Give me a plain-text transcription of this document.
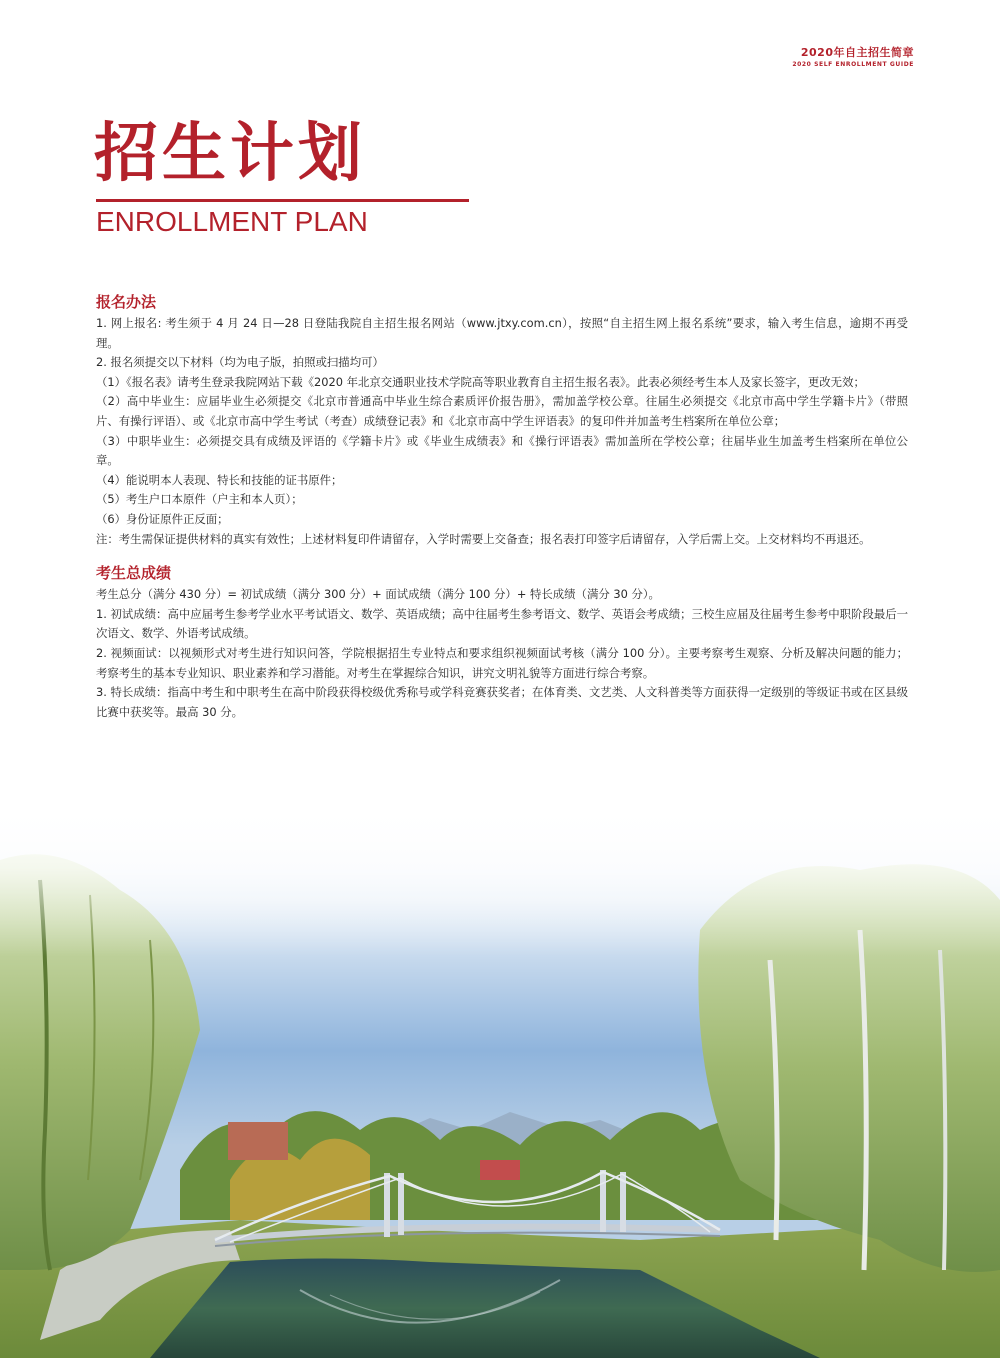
2020年自主招生简章
2020 SELF ENROLLMENT GUIDE
招生计划
ENROLLMENT PLAN
报名办法

1. 网上报名: 考生须于 4 月 24 日—28 日登陆我院自主招生报名网站（www.jtxy.com.cn），按照“自主招生网上报名系统”要求，输入考生信息，逾期不再受理。

2. 报名须提交以下材料（均为电子版，拍照或扫描均可）

（1）《报名表》请考生登录我院网站下载《2020 年北京交通职业技术学院高等职业教育自主招生报名表》。此表必须经考生本人及家长签字，更改无效；

（2）高中毕业生：应届毕业生必须提交《北京市普通高中毕业生综合素质评价报告册》，需加盖学校公章。往届生必须提交《北京市高中学生学籍卡片》（带照片、有操行评语）、或《北京市高中学生考试（考查）成绩登记表》和《北京市高中学生评语表》的复印件并加盖考生档案所在单位公章；

（3）中职毕业生：必须提交具有成绩及评语的《学籍卡片》或《毕业生成绩表》和《操行评语表》需加盖所在学校公章；往届毕业生加盖考生档案所在单位公章。

（4）能说明本人表现、特长和技能的证书原件；

（5）考生户口本原件（户主和本人页）；

（6）身份证原件正反面；

注：考生需保证提供材料的真实有效性；上述材料复印件请留存，入学时需要上交备查；报名表打印签字后请留存，入学后需上交。上交材料均不再退还。

考生总成绩

考生总分（满分 430 分）= 初试成绩（满分 300 分）+ 面试成绩（满分 100 分）+ 特长成绩（满分 30 分）。

1. 初试成绩：高中应届考生参考学业水平考试语文、数学、英语成绩；高中往届考生参考语文、数学、英语会考成绩；三校生应届及往届考生参考中职阶段最后一次语文、数学、外语考试成绩。

2. 视频面试：以视频形式对考生进行知识问答，学院根据招生专业特点和要求组织视频面试考核（满分 100 分）。主要考察考生观察、分析及解决问题的能力；考察考生的基本专业知识、职业素养和学习潜能。对考生在掌握综合知识，讲究文明礼貌等方面进行综合考察。

3. 特长成绩：指高中考生和中职考生在高中阶段获得校级优秀称号或学科竞赛获奖者；在体育类、文艺类、人文科普类等方面获得一定级别的等级证书或在区县级比赛中获奖等。最高 30 分。
